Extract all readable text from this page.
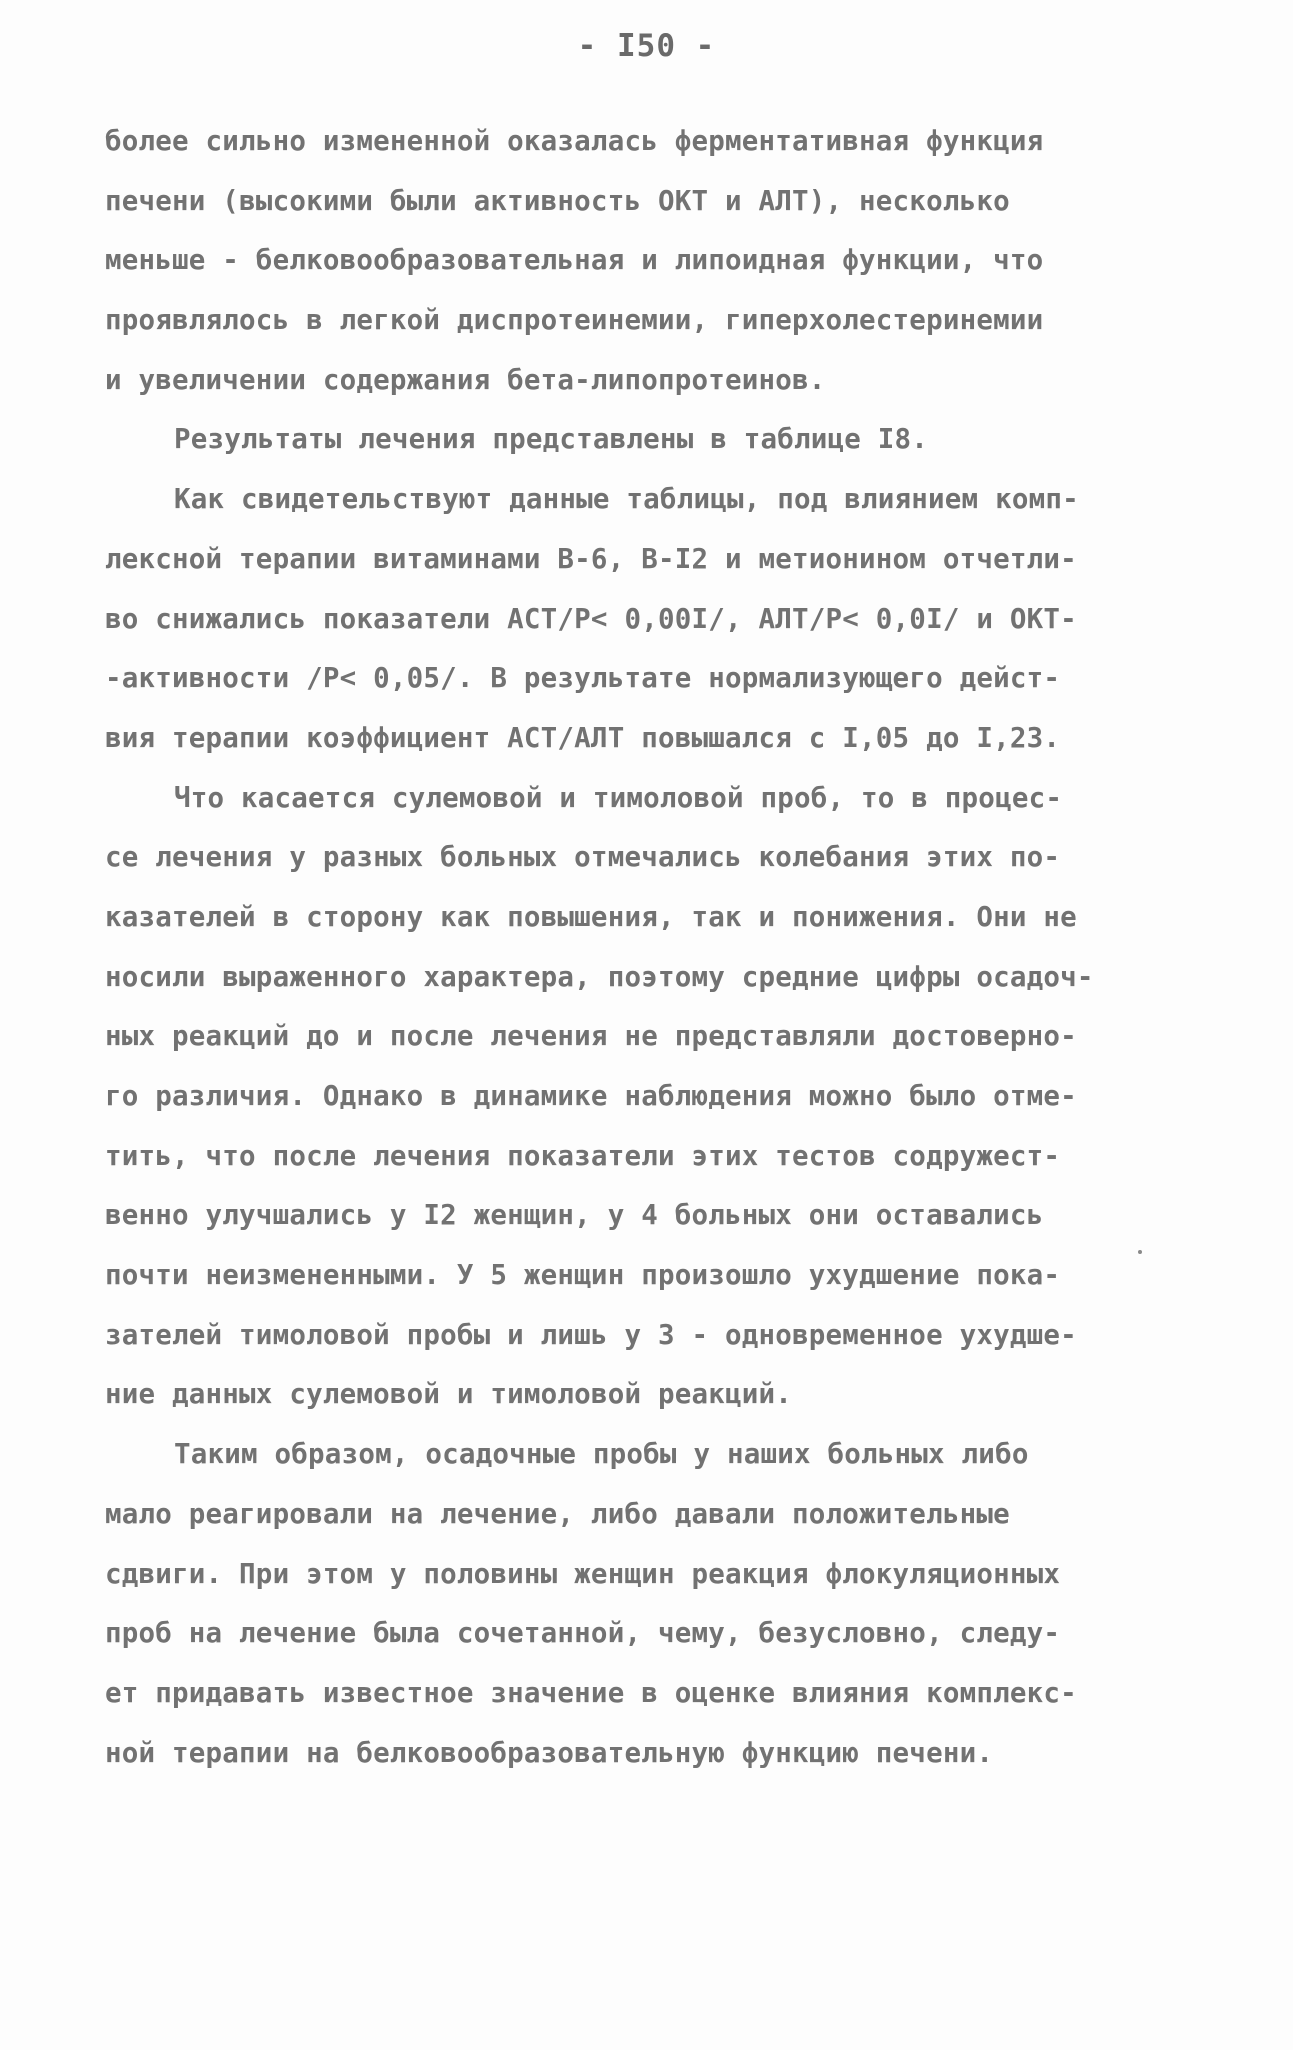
- I50 -
более сильно измененной оказалась ферментативная функция
печени (высокими были активность ОКТ и АЛТ), несколько
меньше - белковообразовательная и липоидная функции, что
проявлялось в легкой диспротеинемии, гиперхолестеринемии
и увеличении содержания бета-липопротеинов.
Результаты лечения представлены в таблице I8.
Как свидетельствуют данные таблицы, под влиянием комп-
лексной терапии витаминами В-6, В-I2 и метионином отчетли-
во снижались показатели АСТ/Р< 0,00I/, АЛТ/Р< 0,0I/ и ОКТ-
-активности /Р< 0,05/. В результате нормализующего дейст-
вия терапии коэффициент АСТ/АЛТ повышался с I,05 до I,23.
Что касается сулемовой и тимоловой проб, то в процес-
се лечения у разных больных отмечались колебания этих по-
казателей в сторону как повышения, так и понижения. Они не
носили выраженного характера, поэтому средние цифры осадоч-
ных реакций до и после лечения не представляли достоверно-
го различия. Однако в динамике наблюдения можно было отме-
тить, что после лечения показатели этих тестов содружест-
венно улучшались у I2 женщин, у 4 больных они оставались
почти неизмененными. У 5 женщин произошло ухудшение пока-
зателей тимоловой пробы и лишь у 3 - одновременное ухудше-
ние данных сулемовой и тимоловой реакций.
Таким образом, осадочные пробы у наших больных либо
мало реагировали на лечение, либо давали положительные
сдвиги. При этом у половины женщин реакция флокуляционных
проб на лечение была сочетанной, чему, безусловно, следу-
ет придавать известное значение в оценке влияния комплекс-
ной терапии на белковообразовательную функцию печени.
